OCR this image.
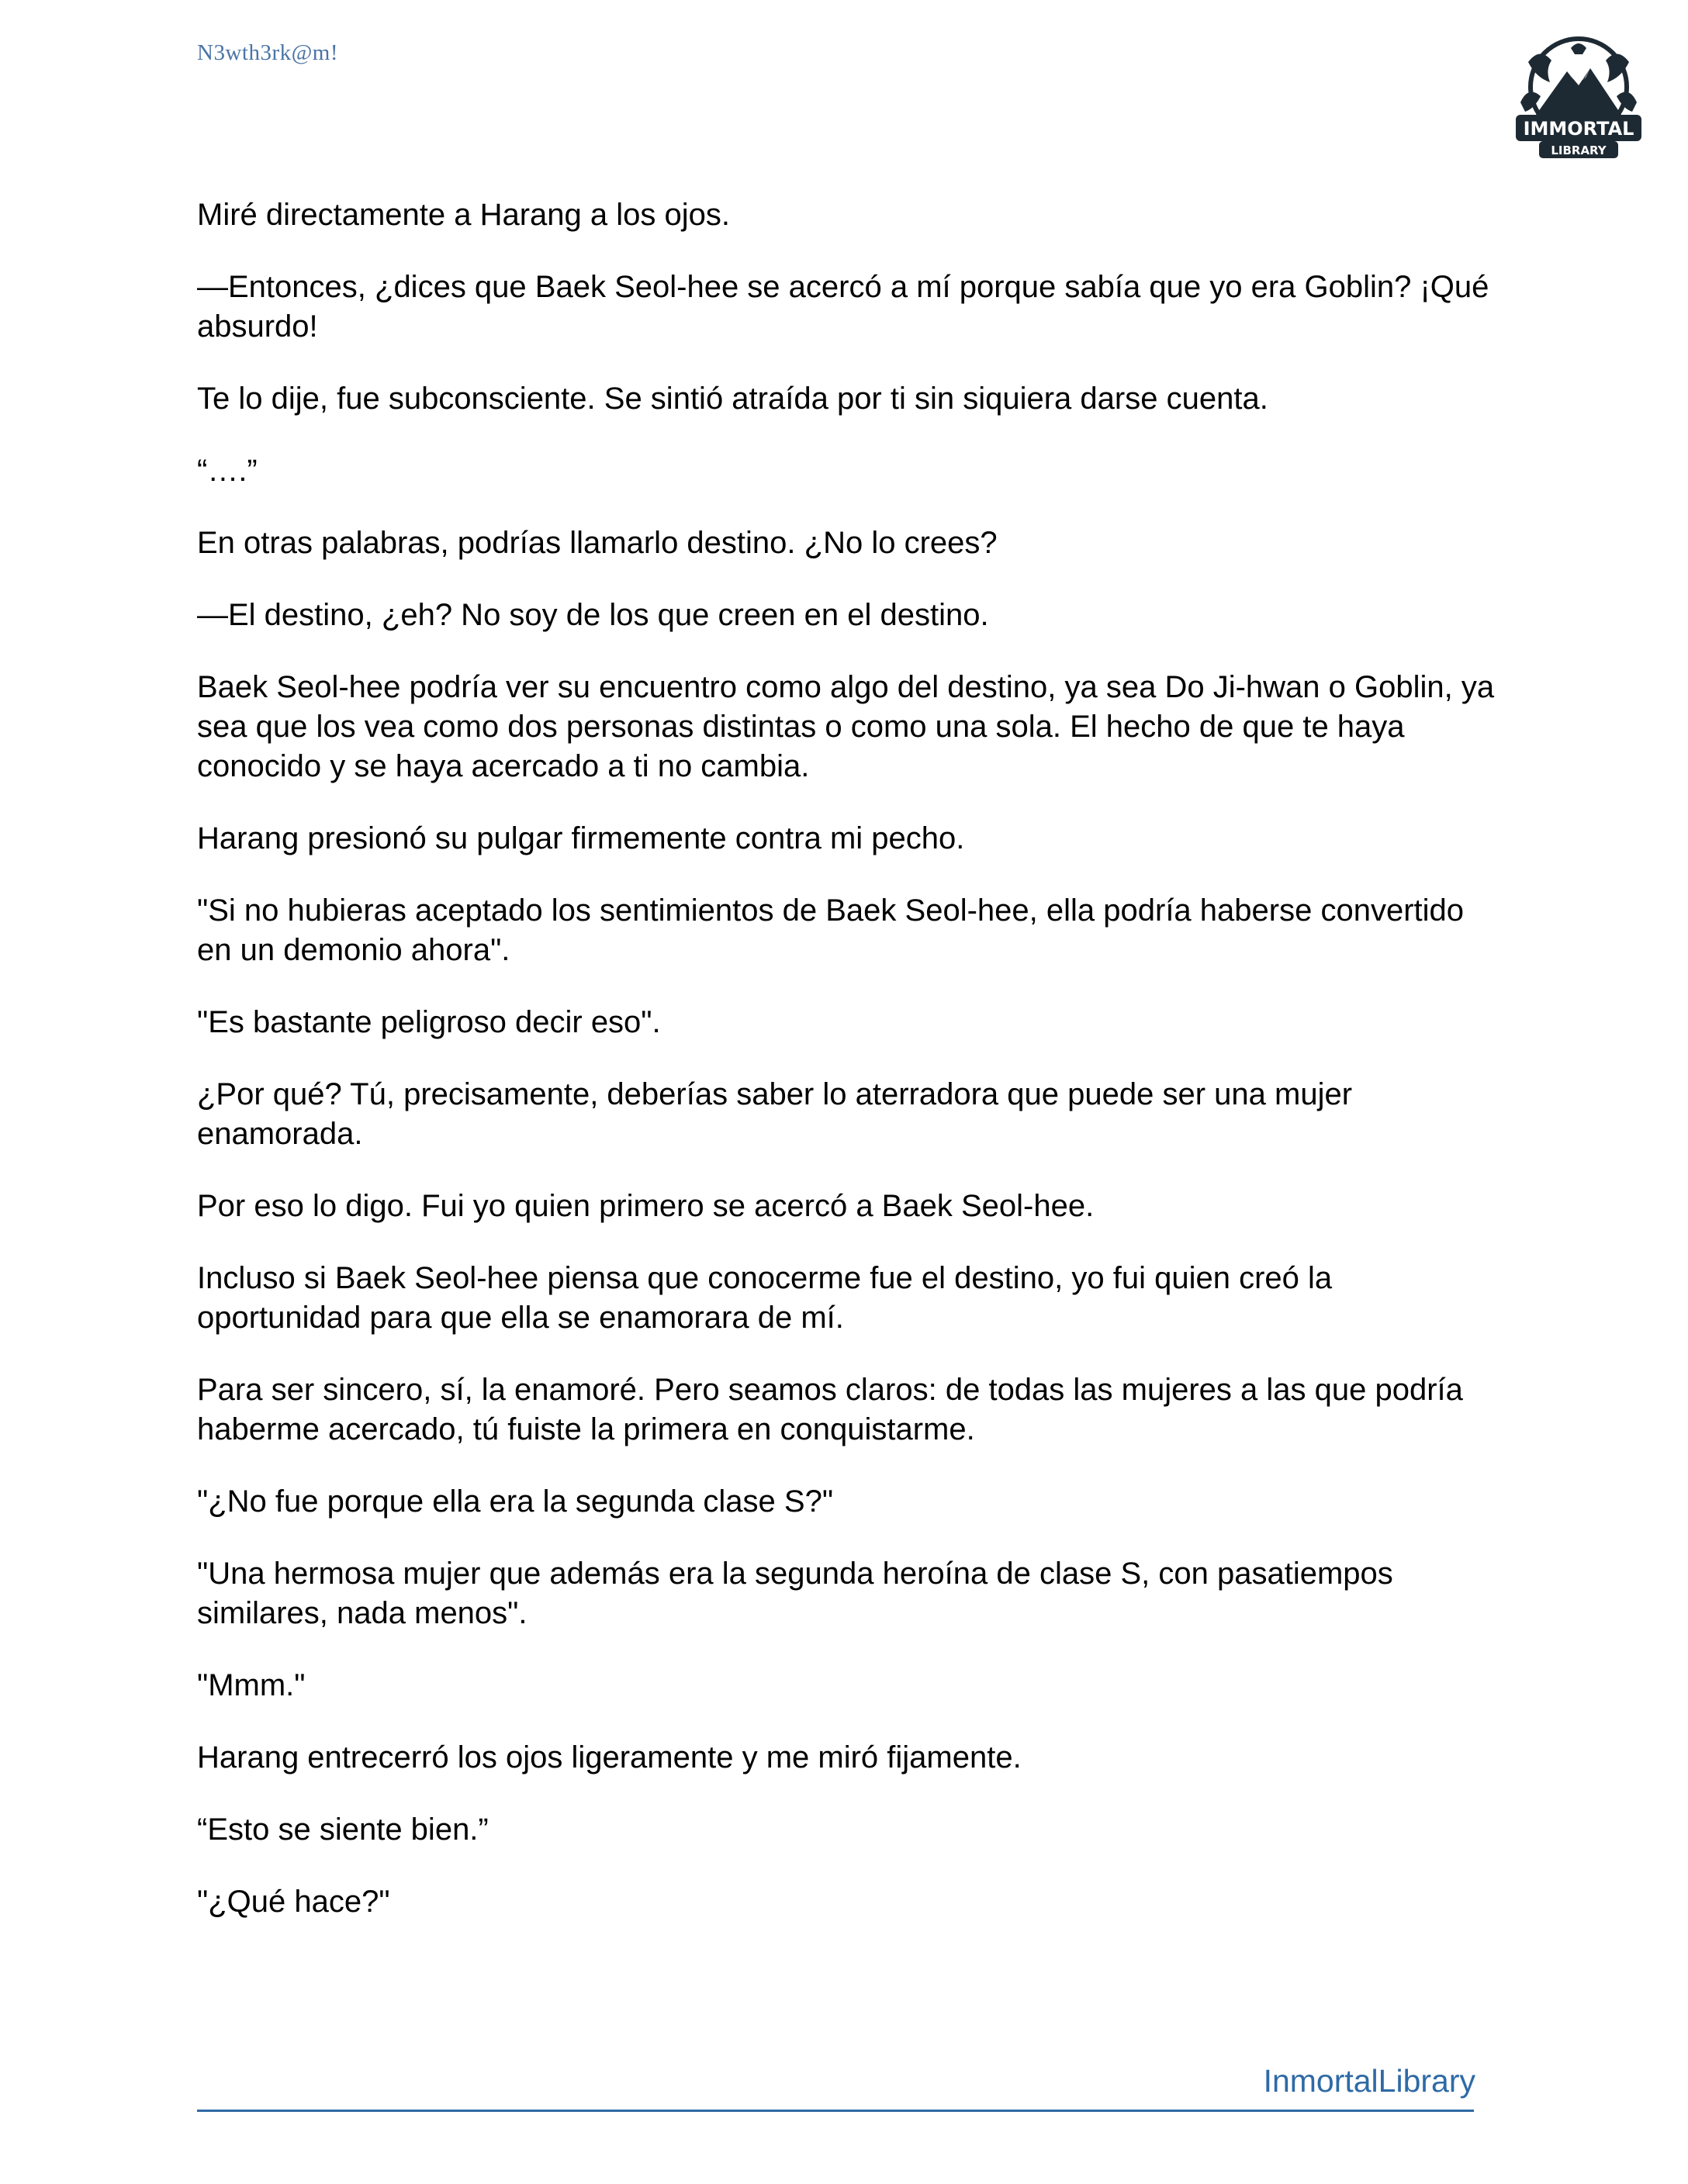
N3wth3rk@m!
IMMORTAL
LIBRARY

Miré directamente a Harang a los ojos.

—Entonces, ¿dices que Baek Seol-hee se acercó a mí porque sabía que yo era Goblin? ¡Qué absurdo!

Te lo dije, fue subconsciente. Se sintió atraída por ti sin siquiera darse cuenta.

“….”

En otras palabras, podrías llamarlo destino. ¿No lo crees?

—El destino, ¿eh? No soy de los que creen en el destino.

Baek Seol-hee podría ver su encuentro como algo del destino, ya sea Do Ji-hwan o Goblin, ya sea que los vea como dos personas distintas o como una sola. El hecho de que te haya conocido y se haya acercado a ti no cambia.

Harang presionó su pulgar firmemente contra mi pecho.

"Si no hubieras aceptado los sentimientos de Baek Seol-hee, ella podría haberse convertido en un demonio ahora".

"Es bastante peligroso decir eso".

¿Por qué? Tú, precisamente, deberías saber lo aterradora que puede ser una mujer enamorada.

Por eso lo digo. Fui yo quien primero se acercó a Baek Seol-hee.

Incluso si Baek Seol-hee piensa que conocerme fue el destino, yo fui quien creó la oportunidad para que ella se enamorara de mí.

Para ser sincero, sí, la enamoré. Pero seamos claros: de todas las mujeres a las que podría haberme acercado, tú fuiste la primera en conquistarme.

"¿No fue porque ella era la segunda clase S?"

"Una hermosa mujer que además era la segunda heroína de clase S, con pasatiempos similares, nada menos".

"Mmm."

Harang entrecerró los ojos ligeramente y me miró fijamente.

“Esto se siente bien.”

"¿Qué hace?"

InmortalLibrary
